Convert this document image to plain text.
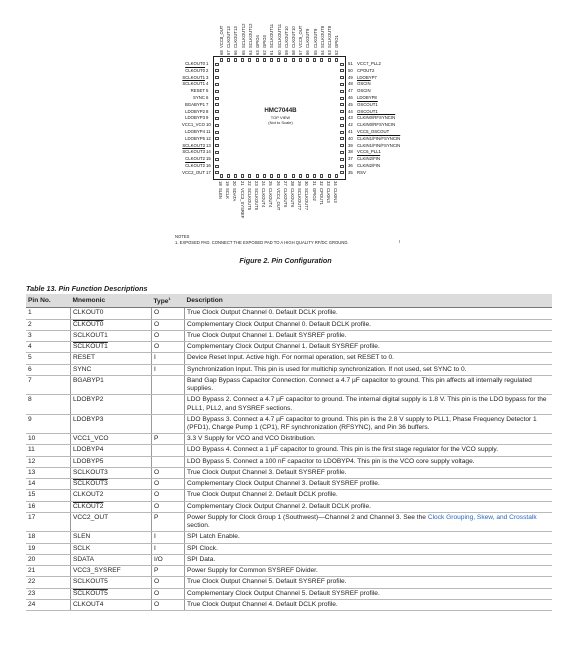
HMC7044B
TOP VIEW
(Not to Scale)
CLKOUT0 1
CLKOUT0 2
SCLKOUT1 3
SCLKOUT1 4
RESET 5
SYNC 6
BGABYP1 7
LDOBYP2 8
LDOBYP3 9
VCC1_VCO 10
LDOBYP4 11
LDOBYP5 12
SCLKOUT3 13
SCLKOUT3 14
CLKOUT2 15
CLKOUT2 16
VCC2_OUT 17
51 VCC7_PLL2
50 CPOUT2
49 LDOBYP7
48 OSCIN
47 OSCIN
46 LDOBYP8
45 OSCOUT1
44 OSCOUT1
43 CLKIN0/RFSYNCIN
42 CLKIN0/RFSYNCIN
41 VCC5_OSCOUT
40 CLKIN1/FIN/FSYNCIN
39 CLKIN1/FIN/FSYNCIN
38 VCC6_PLL1
37 CLKIN2/FIN
36 CLKIN2/FIN
35 RSV
68
VCC8_OUT
67
CLKOUT13
66
CLKOUT13
65
SCLKOUT12
64
SCLKOUT12
63
GPIO4
62
GPIO3
61
SCLKOUT11
60
SCLKOUT11
59
CLKOUT10
58
CLKOUT10
57
VCC9_OUT
56
CLKOUT9
55
CLKOUT9
54
SCLKOUT8
53
SCLKOUT8
52
GPIO1
18
SLEN
19
SCLK
20
SDATA
21
VCC3_SYSREF
22
SCLKOUT5
23
SCLKOUT5
24
CLKOUT4
25
CLKOUT4
26
VCC4_OUT
27
CLKOUT6
28
CLKOUT6
29
SCLKOUT7
30
SCLKOUT7
31
GPIO2
32
CPOUT1
33
CLKIN3
34
CLKIN3
NOTES
1. EXPOSED PAD. CONNECT THE EXPOSED PAD TO A HIGH QUALITY RF/DC GROUND.	ı
Figure 2. Pin Configuration
Table 13. Pin Function Descriptions
Pin No.	Mnemonic	Type$^1$	Description
1	CLKOUT0	O	True Clock Output Channel 0. Default DCLK profile.
2	CLKOUT0	O	Complementary Clock Output Channel 0. Default DCLK profile.
3	SCLKOUT1	O	True Clock Output Channel 1. Default SYSREF profile.
4	SCLKOUT1	O	Complementary Clock Output Channel 1. Default SYSREF profile.
5	RESET	I	Device Reset Input. Active high. For normal operation, set RESET to 0.
6	SYNC	I	Synchronization Input. This pin is used for multichip synchronization. If not used, set SYNC to 0.
7	BGABYP1		Band Gap Bypass Capacitor Connection. Connect a 4.7 µF capacitor to ground. This pin affects all internally regulated supplies.
8	LDOBYP2		LDO Bypass 2. Connect a 4.7 µF capacitor to ground. The internal digital supply is 1.8 V. This pin is the LDO bypass for the PLL1, PLL2, and SYSREF sections.
9	LDOBYP3		LDO Bypass 3. Connect a 4.7 µF capacitor to ground. This pin is the 2.8 V supply to PLL1, Phase Frequency Detector 1 (PFD1), Charge Pump 1 (CP1), RF synchronization (RFSYNC), and Pin 36 buffers.
10	VCC1_VCO	P	3.3 V Supply for VCO and VCO Distribution.
11	LDOBYP4		LDO Bypass 4. Connect a 1 µF capacitor to ground. This pin is the first stage regulator for the VCO supply.
12	LDOBYP5		LDO Bypass 5. Connect a 100 nF capacitor to LDOBYP4. This pin is the VCO core supply voltage.
13	SCLKOUT3	O	True Clock Output Channel 3. Default SYSREF profile.
14	SCLKOUT3	O	Complementary Clock Output Channel 3. Default SYSREF profile.
15	CLKOUT2	O	True Clock Output Channel 2. Default DCLK profile.
16	CLKOUT2	O	Complementary Clock Output Channel 2. Default DCLK profile.
17	VCC2_OUT	P	Power Supply for Clock Group 1 (Southwest)—Channel 2 and Channel 3. See the Clock Grouping, Skew, and Crosstalk section.
18	SLEN	I	SPI Latch Enable.
19	SCLK	I	SPI Clock.
20	SDATA	I/O	SPI Data.
21	VCC3_SYSREF	P	Power Supply for Common SYSREF Divider.
22	SCLKOUT5	O	True Clock Output Channel 5. Default SYSREF profile.
23	SCLKOUT5	O	Complementary Clock Output Channel 5. Default SYSREF profile.
24	CLKOUT4	O	True Clock Output Channel 4. Default DCLK profile.
